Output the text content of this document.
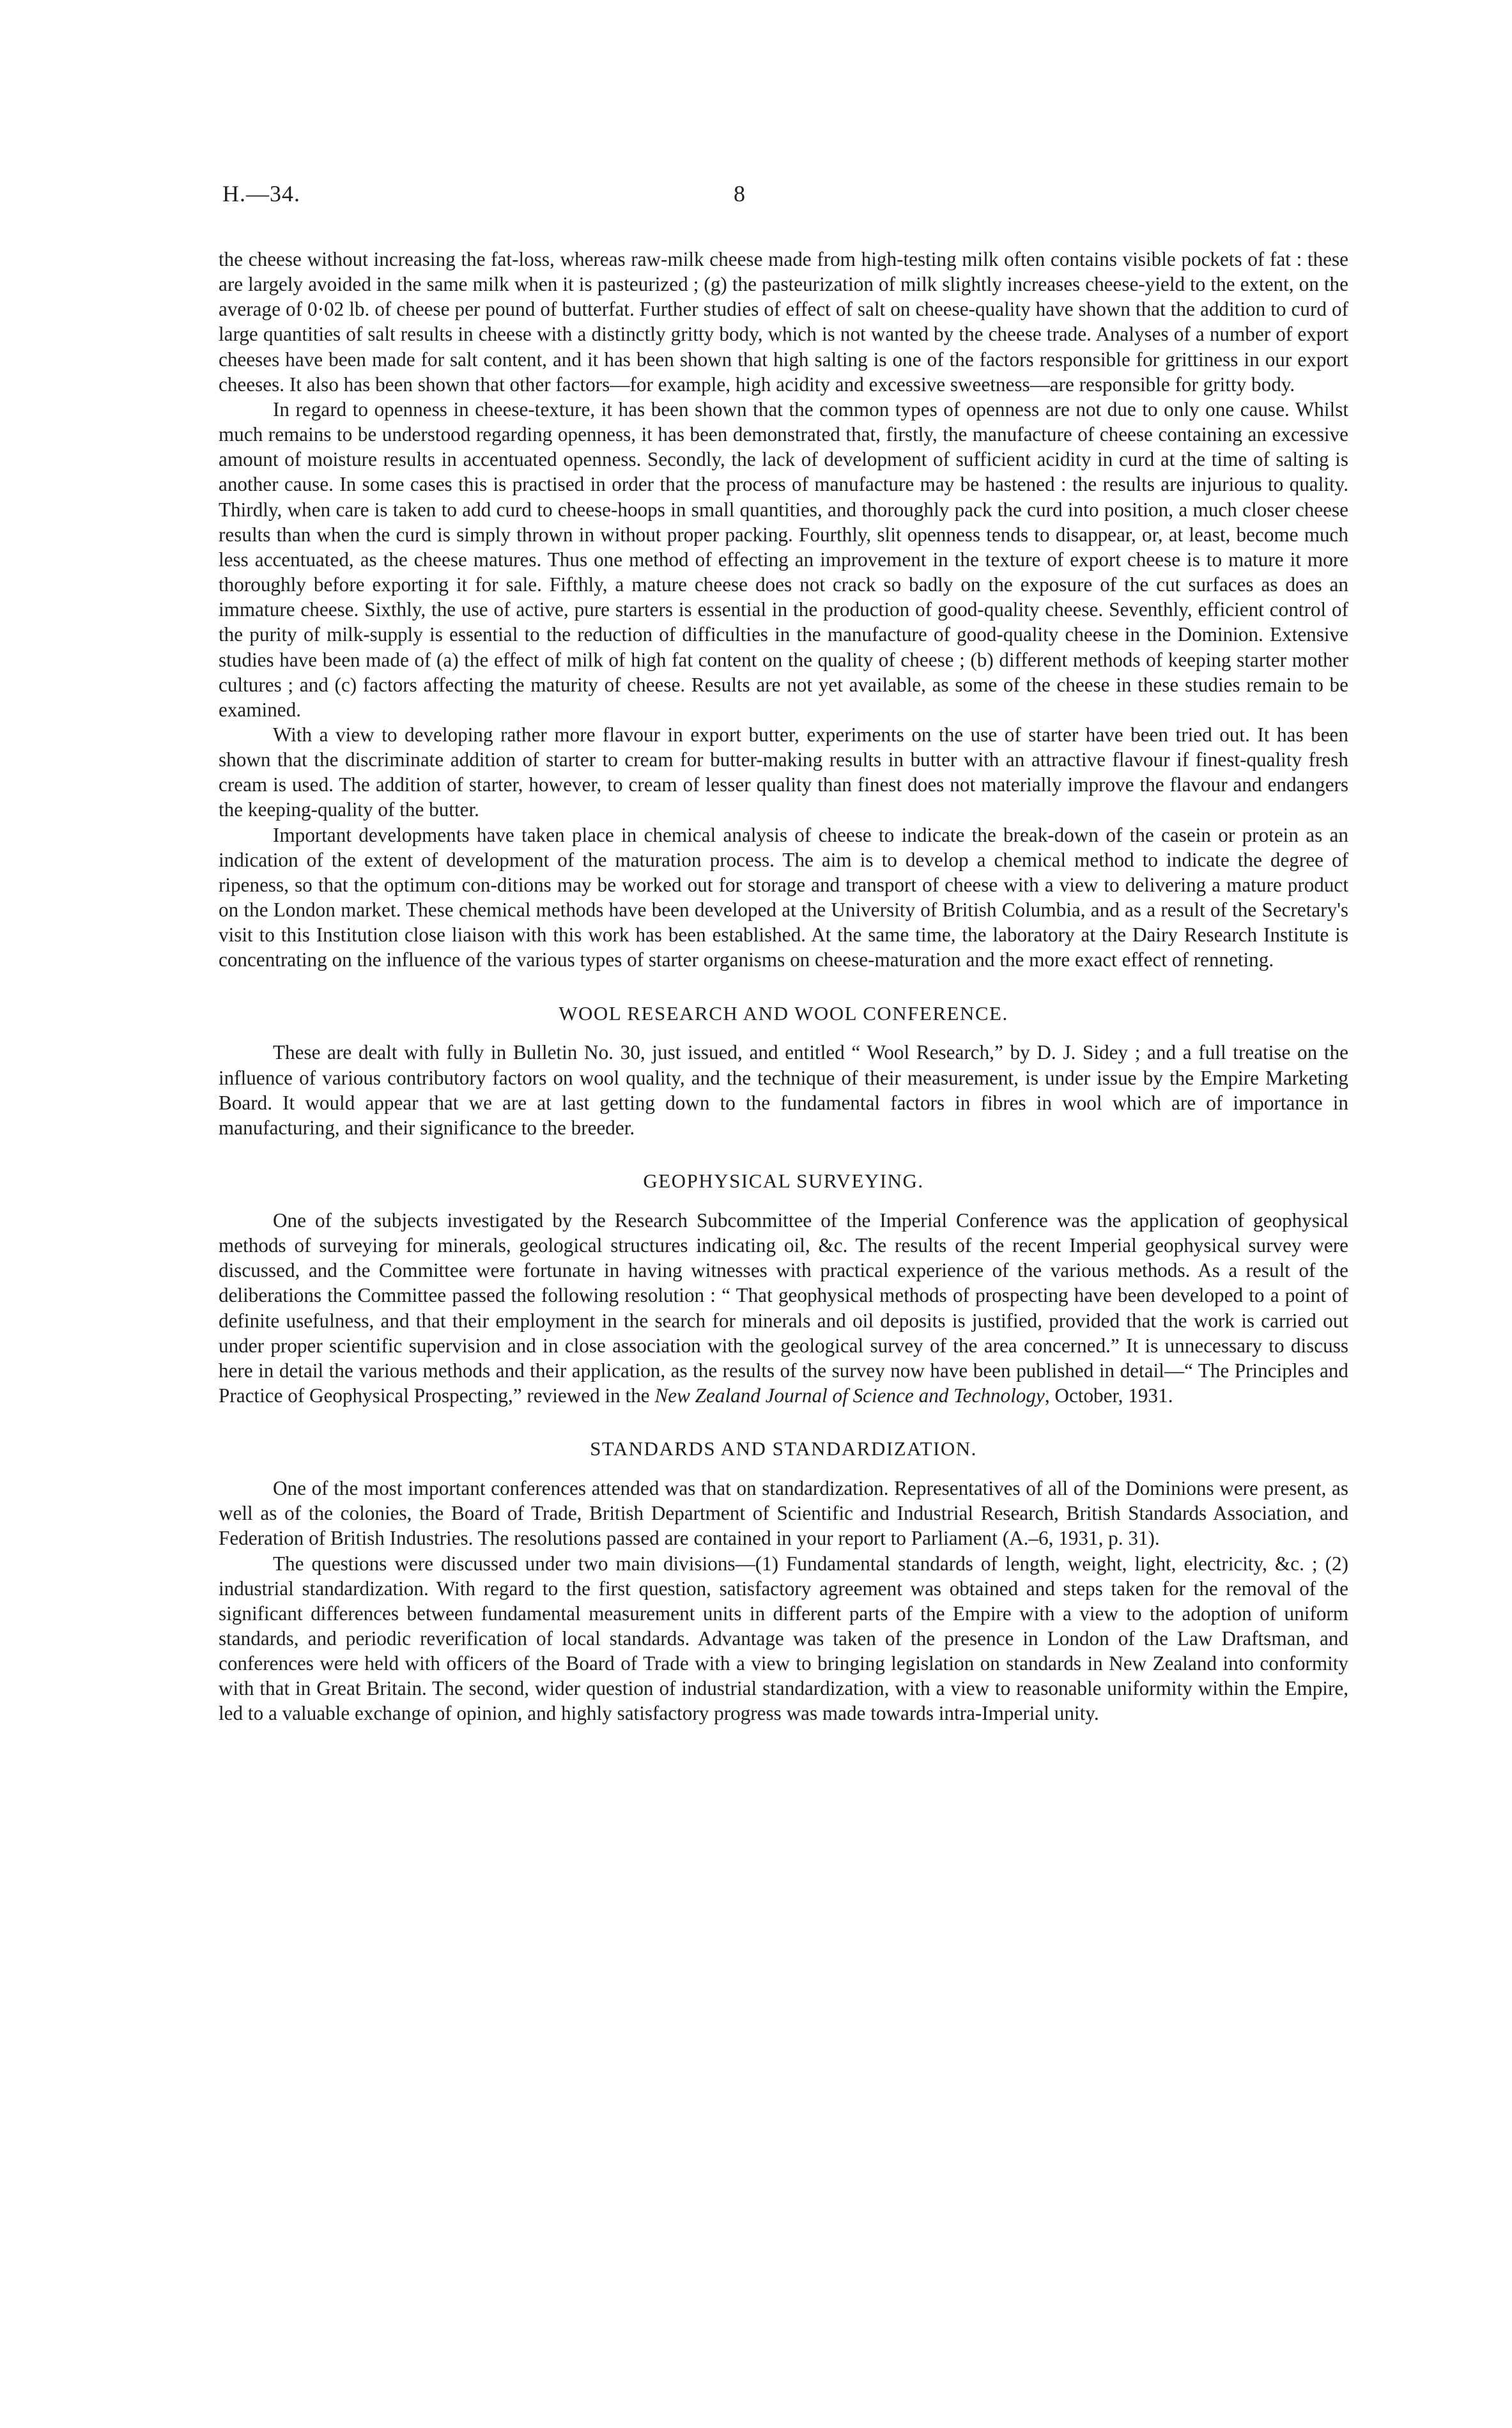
H.—34.	8

the cheese without increasing the fat-loss, whereas raw-milk cheese made from high-testing milk often contains visible pockets of fat : these are largely avoided in the same milk when it is pasteurized ; (g) the pasteurization of milk slightly increases cheese-yield to the extent, on the average of 0·02 lb. of cheese per pound of butterfat. Further studies of effect of salt on cheese-quality have shown that the addition to curd of large quantities of salt results in cheese with a distinctly gritty body, which is not wanted by the cheese trade. Analyses of a number of export cheeses have been made for salt content, and it has been shown that high salting is one of the factors responsible for grittiness in our export cheeses. It also has been shown that other factors—for example, high acidity and excessive sweetness—are responsible for gritty body.

In regard to openness in cheese-texture, it has been shown that the common types of openness are not due to only one cause. Whilst much remains to be understood regarding openness, it has been demonstrated that, firstly, the manufacture of cheese containing an excessive amount of moisture results in accentuated openness. Secondly, the lack of development of sufficient acidity in curd at the time of salting is another cause. In some cases this is practised in order that the process of manufacture may be hastened : the results are injurious to quality. Thirdly, when care is taken to add curd to cheese-hoops in small quantities, and thoroughly pack the curd into position, a much closer cheese results than when the curd is simply thrown in without proper packing. Fourthly, slit openness tends to disappear, or, at least, become much less accentuated, as the cheese matures. Thus one method of effecting an improvement in the texture of export cheese is to mature it more thoroughly before exporting it for sale. Fifthly, a mature cheese does not crack so badly on the exposure of the cut surfaces as does an immature cheese. Sixthly, the use of active, pure starters is essential in the production of good-quality cheese. Seventhly, efficient control of the purity of milk-supply is essential to the reduction of difficulties in the manufacture of good-quality cheese in the Dominion. Extensive studies have been made of (a) the effect of milk of high fat content on the quality of cheese ; (b) different methods of keeping starter mother cultures ; and (c) factors affecting the maturity of cheese. Results are not yet available, as some of the cheese in these studies remain to be examined.

With a view to developing rather more flavour in export butter, experiments on the use of starter have been tried out. It has been shown that the discriminate addition of starter to cream for butter-making results in butter with an attractive flavour if finest-quality fresh cream is used. The addition of starter, however, to cream of lesser quality than finest does not materially improve the flavour and endangers the keeping-quality of the butter.

Important developments have taken place in chemical analysis of cheese to indicate the break-down of the casein or protein as an indication of the extent of development of the maturation process. The aim is to develop a chemical method to indicate the degree of ripeness, so that the optimum con-ditions may be worked out for storage and transport of cheese with a view to delivering a mature product on the London market. These chemical methods have been developed at the University of British Columbia, and as a result of the Secretary's visit to this Institution close liaison with this work has been established. At the same time, the laboratory at the Dairy Research Institute is concentrating on the influence of the various types of starter organisms on cheese-maturation and the more exact effect of renneting.

WOOL RESEARCH AND WOOL CONFERENCE.

These are dealt with fully in Bulletin No. 30, just issued, and entitled “ Wool Research,” by D. J. Sidey ; and a full treatise on the influence of various contributory factors on wool quality, and the technique of their measurement, is under issue by the Empire Marketing Board. It would appear that we are at last getting down to the fundamental factors in fibres in wool which are of importance in manufacturing, and their significance to the breeder.

GEOPHYSICAL SURVEYING.

One of the subjects investigated by the Research Subcommittee of the Imperial Conference was the application of geophysical methods of surveying for minerals, geological structures indicating oil, &c. The results of the recent Imperial geophysical survey were discussed, and the Committee were fortunate in having witnesses with practical experience of the various methods. As a result of the deliberations the Committee passed the following resolution : “ That geophysical methods of prospecting have been developed to a point of definite usefulness, and that their employment in the search for minerals and oil deposits is justified, provided that the work is carried out under proper scientific supervision and in close association with the geological survey of the area concerned.” It is unnecessary to discuss here in detail the various methods and their application, as the results of the survey now have been published in detail—“ The Principles and Practice of Geophysical Prospecting,” reviewed in the New Zealand Journal of Science and Technology, October, 1931.

STANDARDS AND STANDARDIZATION.

One of the most important conferences attended was that on standardization. Representatives of all of the Dominions were present, as well as of the colonies, the Board of Trade, British Department of Scientific and Industrial Research, British Standards Association, and Federation of British Industries. The resolutions passed are contained in your report to Parliament (A.–6, 1931, p. 31).

The questions were discussed under two main divisions—(1) Fundamental standards of length, weight, light, electricity, &c. ; (2) industrial standardization. With regard to the first question, satisfactory agreement was obtained and steps taken for the removal of the significant differences between fundamental measurement units in different parts of the Empire with a view to the adoption of uniform standards, and periodic reverification of local standards. Advantage was taken of the presence in London of the Law Draftsman, and conferences were held with officers of the Board of Trade with a view to bringing legislation on standards in New Zealand into conformity with that in Great Britain. The second, wider question of industrial standardization, with a view to reasonable uniformity within the Empire, led to a valuable exchange of opinion, and highly satisfactory progress was made towards intra-Imperial unity.
